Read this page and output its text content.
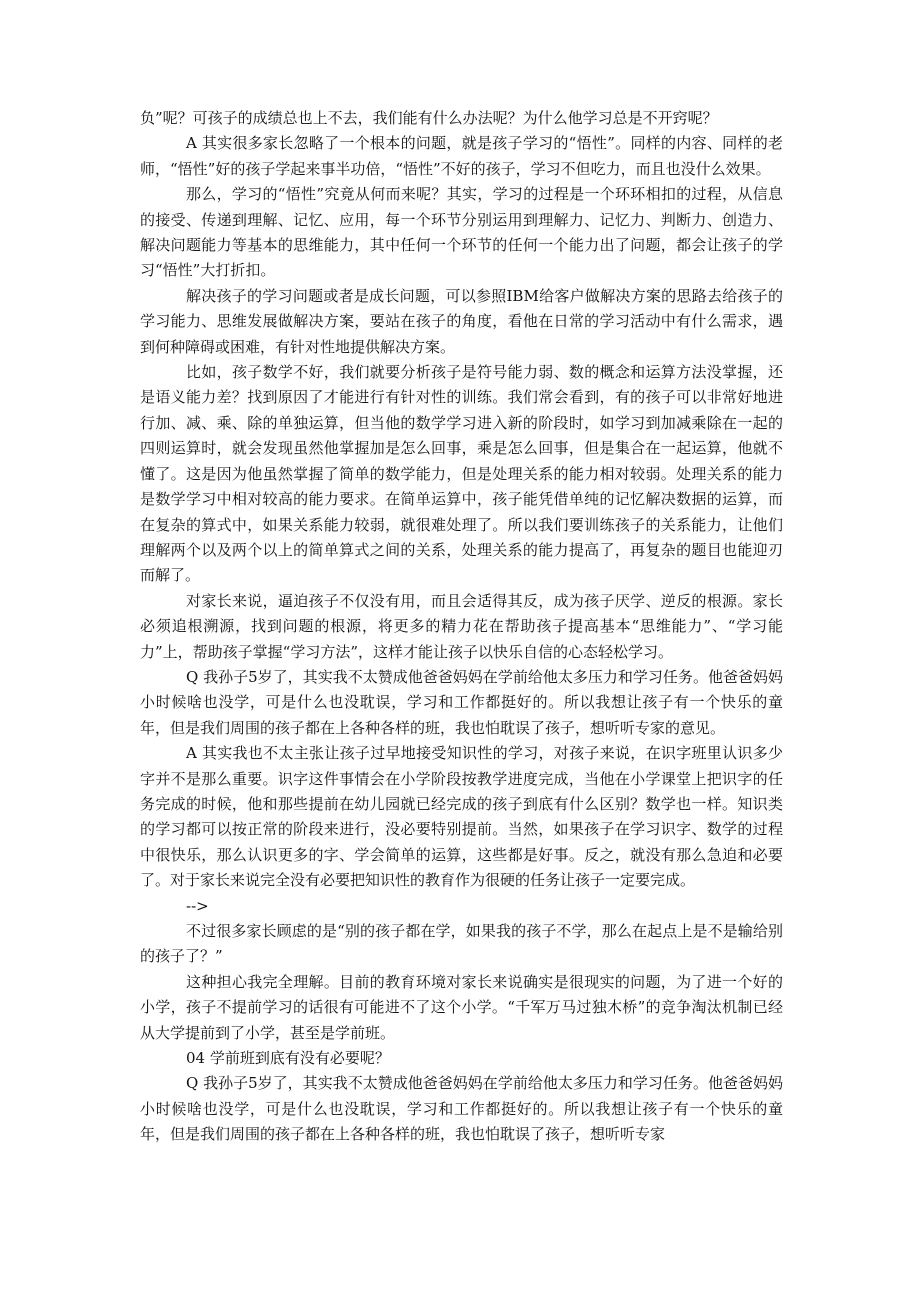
负”呢？可孩子的成绩总也上不去，我们能有什么办法呢？为什么他学习总是不开窍呢？

A 其实很多家长忽略了一个根本的问题，就是孩子学习的“悟性”。同样的内容、同样的老师，“悟性”好的孩子学起来事半功倍，“悟性”不好的孩子，学习不但吃力，而且也没什么效果。

那么，学习的“悟性”究竟从何而来呢？其实，学习的过程是一个环环相扣的过程，从信息的接受、传递到理解、记忆、应用，每一个环节分别运用到理解力、记忆力、判断力、创造力、解决问题能力等基本的思维能力，其中任何一个环节的任何一个能力出了问题，都会让孩子的学习“悟性”大打折扣。

解决孩子的学习问题或者是成长问题，可以参照IBM给客户做解决方案的思路去给孩子的学习能力、思维发展做解决方案，要站在孩子的角度，看他在日常的学习活动中有什么需求，遇到何种障碍或困难，有针对性地提供解决方案。

比如，孩子数学不好，我们就要分析孩子是符号能力弱、数的概念和运算方法没掌握，还是语义能力差？找到原因了才能进行有针对性的训练。我们常会看到，有的孩子可以非常好地进行加、减、乘、除的单独运算，但当他的数学学习进入新的阶段时，如学习到加减乘除在一起的四则运算时，就会发现虽然他掌握加是怎么回事，乘是怎么回事，但是集合在一起运算，他就不懂了。这是因为他虽然掌握了简单的数学能力，但是处理关系的能力相对较弱。处理关系的能力是数学学习中相对较高的能力要求。在简单运算中，孩子能凭借单纯的记忆解决数据的运算，而在复杂的算式中，如果关系能力较弱，就很难处理了。所以我们要训练孩子的关系能力，让他们理解两个以及两个以上的简单算式之间的关系，处理关系的能力提高了，再复杂的题目也能迎刃而解了。

对家长来说，逼迫孩子不仅没有用，而且会适得其反，成为孩子厌学、逆反的根源。家长必须追根溯源，找到问题的根源，将更多的精力花在帮助孩子提高基本“思维能力”、“学习能力”上，帮助孩子掌握“学习方法”，这样才能让孩子以快乐自信的心态轻松学习。

Q 我孙子5岁了，其实我不太赞成他爸爸妈妈在学前给他太多压力和学习任务。他爸爸妈妈小时候啥也没学，可是什么也没耽误，学习和工作都挺好的。所以我想让孩子有一个快乐的童年，但是我们周围的孩子都在上各种各样的班，我也怕耽误了孩子，想听听专家的意见。

A 其实我也不太主张让孩子过早地接受知识性的学习，对孩子来说，在识字班里认识多少字并不是那么重要。识字这件事情会在小学阶段按教学进度完成，当他在小学课堂上把识字的任务完成的时候，他和那些提前在幼儿园就已经完成的孩子到底有什么区别？数学也一样。知识类的学习都可以按正常的阶段来进行，没必要特别提前。当然，如果孩子在学习识字、数学的过程中很快乐，那么认识更多的字、学会简单的运算，这些都是好事。反之，就没有那么急迫和必要了。对于家长来说完全没有必要把知识性的教育作为很硬的任务让孩子一定要完成。

-->

不过很多家长顾虑的是“别的孩子都在学，如果我的孩子不学，那么在起点上是不是输给别的孩子了？”

这种担心我完全理解。目前的教育环境对家长来说确实是很现实的问题，为了进一个好的小学，孩子不提前学习的话很有可能进不了这个小学。“千军万马过独木桥”的竞争淘汰机制已经从大学提前到了小学，甚至是学前班。

04 学前班到底有没有必要呢？

Q 我孙子5岁了，其实我不太赞成他爸爸妈妈在学前给他太多压力和学习任务。他爸爸妈妈小时候啥也没学，可是什么也没耽误，学习和工作都挺好的。所以我想让孩子有一个快乐的童年，但是我们周围的孩子都在上各种各样的班，我也怕耽误了孩子，想听听专家
